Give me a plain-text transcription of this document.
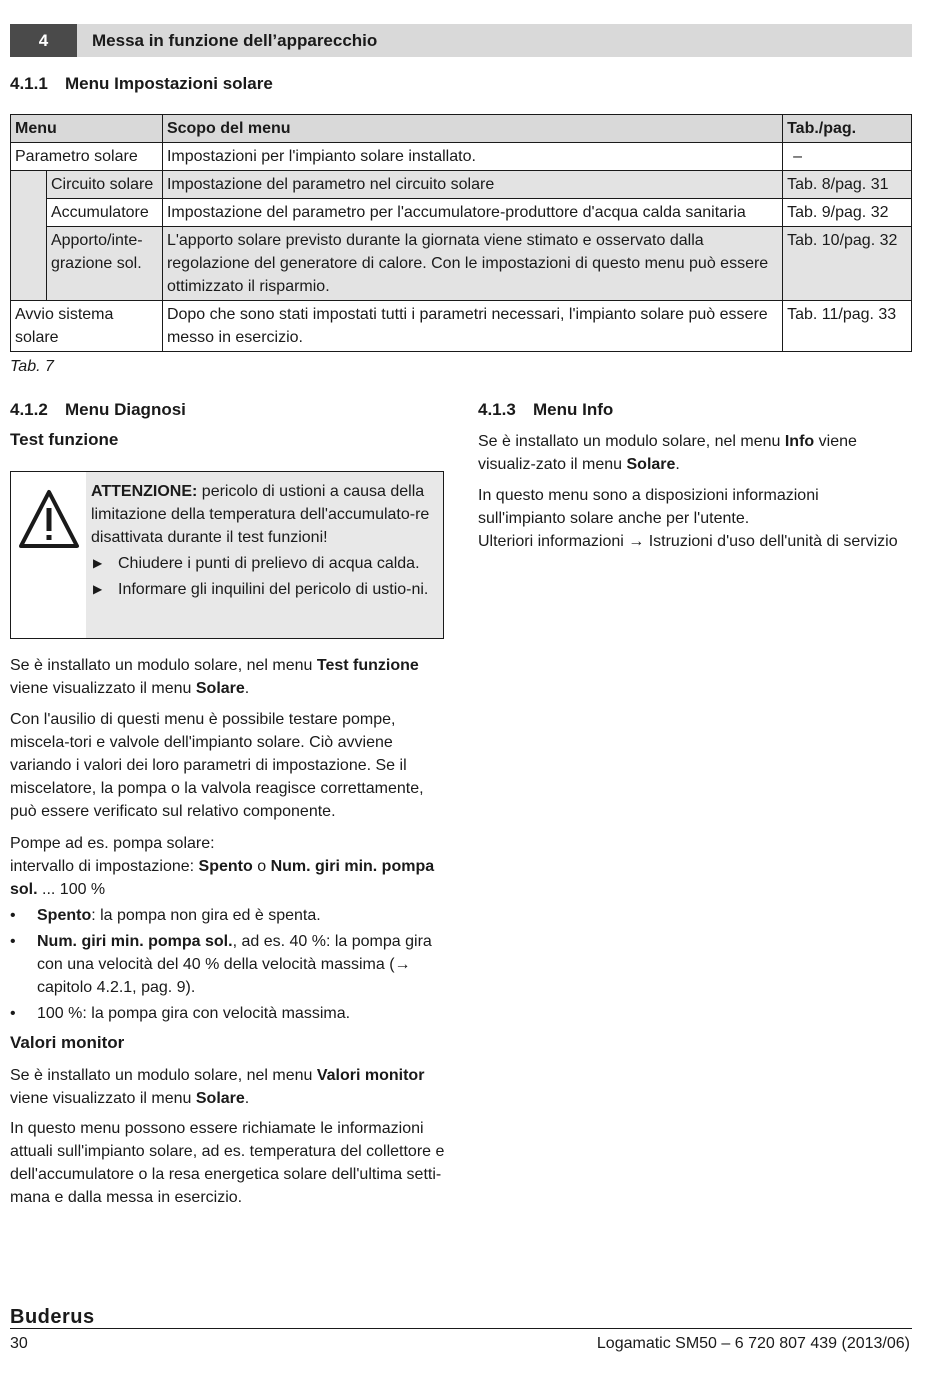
4	Messa in funzione dell’apparecchio
4.1.1 Menu Impostazioni solare
Menu		Scopo del menu	Tab./pag.
Parametro solare		Impostazioni per l'impianto solare installato.	–
	Circuito solare	Impostazione del parametro nel circuito solare	Tab. 8/pag. 31
	Accumulatore	Impostazione del parametro per l'accumulatore-produttore d'acqua calda sanitaria	Tab. 9/pag. 32
	Apporto/inte-grazione sol.	L'apporto solare previsto durante la giornata viene stimato e osservato dalla regolazione del generatore di calore. Con le impostazioni di questo menu può essere ottimizzato il risparmio.	Tab. 10/pag. 32
Avvio sistema solare		Dopo che sono stati impostati tutti i parametri necessari, l'impianto solare può essere messo in esercizio.	Tab. 11/pag. 33
Tab. 7
4.1.2 Menu Diagnosi
Test funzione
ATTENZIONE: pericolo di ustioni a causa della limitazione della temperatura dell'accumulato-re disattivata durante il test funzioni!
▶ Chiudere i punti di prelievo di acqua calda.
▶ Informare gli inquilini del pericolo di ustio-ni.
Se è installato un modulo solare, nel menu Test funzione viene visualizzato il menu Solare.
Con l'ausilio di questi menu è possibile testare pompe, miscela-tori e valvole dell'impianto solare. Ciò avviene variando i valori dei loro parametri di impostazione. Se il miscelatore, la pompa o la valvola reagisce correttamente, può essere verificato sul relativo componente.
Pompe ad es. pompa solare:
intervallo di impostazione: Spento o Num. giri min. pompa sol. ... 100 %
• Spento: la pompa non gira ed è spenta.
• Num. giri min. pompa sol., ad es. 40 %: la pompa gira con una velocità del 40 % della velocità massima (→ capitolo 4.2.1, pag. 9).
• 100 %: la pompa gira con velocità massima.
Valori monitor
Se è installato un modulo solare, nel menu Valori monitor viene visualizzato il menu Solare.
In questo menu possono essere richiamate le informazioni attuali sull'impianto solare, ad es. temperatura del collettore e dell'accumulatore o la resa energetica solare dell'ultima setti-mana e dalla messa in esercizio.
4.1.3 Menu Info
Se è installato un modulo solare, nel menu Info viene visualiz-zato il menu Solare.
In questo menu sono a disposizioni informazioni sull'impianto solare anche per l'utente.
Ulteriori informazioni → Istruzioni d'uso dell'unità di servizio
Buderus
30	Logamatic SM50 – 6 720 807 439 (2013/06)
